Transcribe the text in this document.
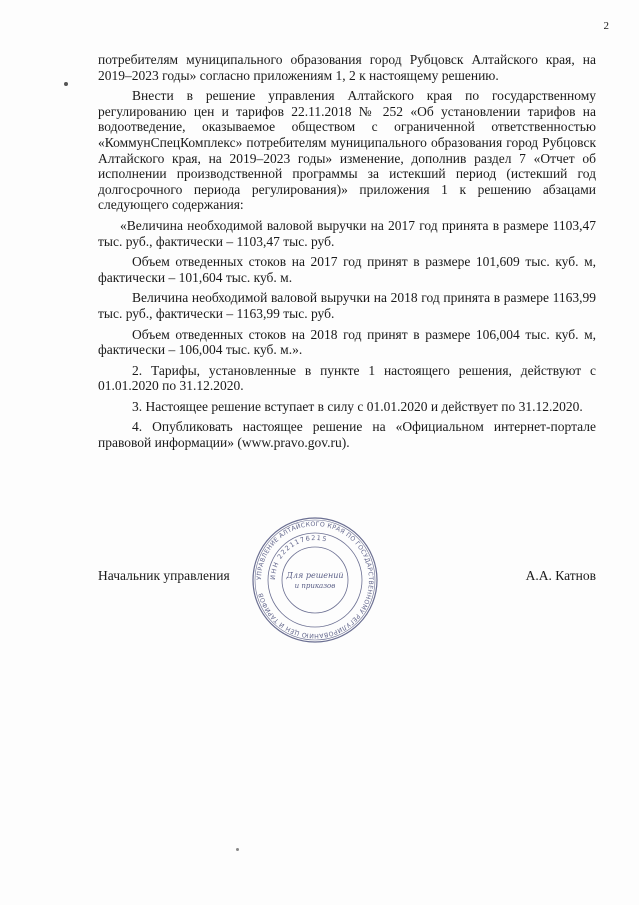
2

потребителям муниципального образования город Рубцовск Алтайского края, на 2019–2023 годы» согласно приложениям 1, 2 к настоящему решению.

Внести в решение управления Алтайского края по государственному регулированию цен и тарифов 22.11.2018 № 252 «Об установлении тарифов на водоотведение, оказываемое обществом с ограниченной ответственностью «КоммунСпецКомплекс» потребителям муниципального образования город Рубцовск Алтайского края, на 2019–2023 годы» изменение, дополнив раздел 7 «Отчет об исполнении производственной программы за истекший период (истекший год долгосрочного периода регулирования)» приложения 1 к решению абзацами следующего содержания:

«Величина необходимой валовой выручки на 2017 год принята в размере 1103,47 тыс. руб., фактически – 1103,47 тыс. руб.

Объем отведенных стоков на 2017 год принят в размере 101,609 тыс. куб. м, фактически – 101,604 тыс. куб. м.

Величина необходимой валовой выручки на 2018 год принята в размере 1163,99 тыс. руб., фактически – 1163,99 тыс. руб.

Объем отведенных стоков на 2018 год принят в размере 106,004 тыс. куб. м, фактически – 106,004 тыс. куб. м.».

2. Тарифы, установленные в пункте 1 настоящего решения, действуют с 01.01.2020 по 31.12.2020.

3. Настоящее решение вступает в силу с 01.01.2020 и действует по 31.12.2020.

4. Опубликовать настоящее решение на «Официальном интернет-портале правовой информации» (www.pravo.gov.ru).

Начальник управления	А.А. Катнов
УПРАВЛЕНИЕ АЛТАЙСКОГО КРАЯ ПО ГОСУДАРСТВЕННОМУ РЕГУЛИРОВАНИЮ ЦЕН И ТАРИФОВ
ИНН 2221176215
Для решений
и приказов
